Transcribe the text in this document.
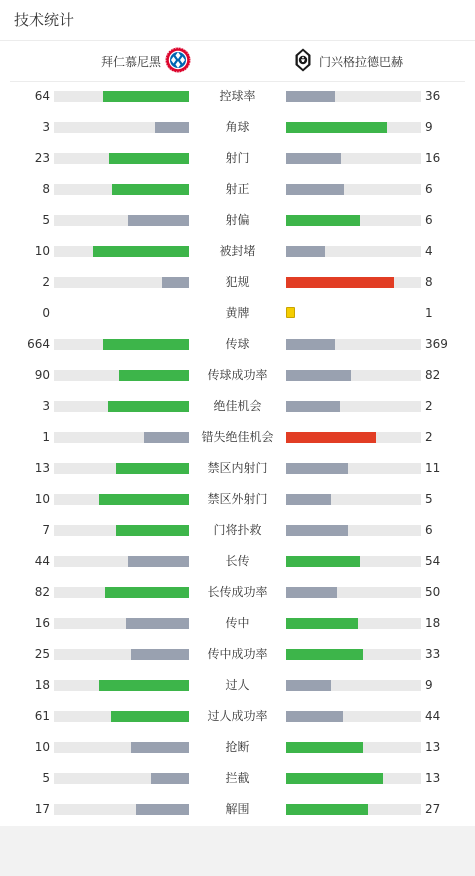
技术统计
拜仁慕尼黑	门兴格拉德巴赫
64	控球率	36
3	角球	9
23	射门	16
8	射正	6
5	射偏	6
10	被封堵	4
2	犯规	8
0	黄牌	1
664	传球	369
90	传球成功率	82
3	绝佳机会	2
1	错失绝佳机会	2
13	禁区内射门	11
10	禁区外射门	5
7	门将扑救	6
44	长传	54
82	长传成功率	50
16	传中	18
25	传中成功率	33
18	过人	9
61	过人成功率	44
10	抢断	13
5	拦截	13
17	解围	27
